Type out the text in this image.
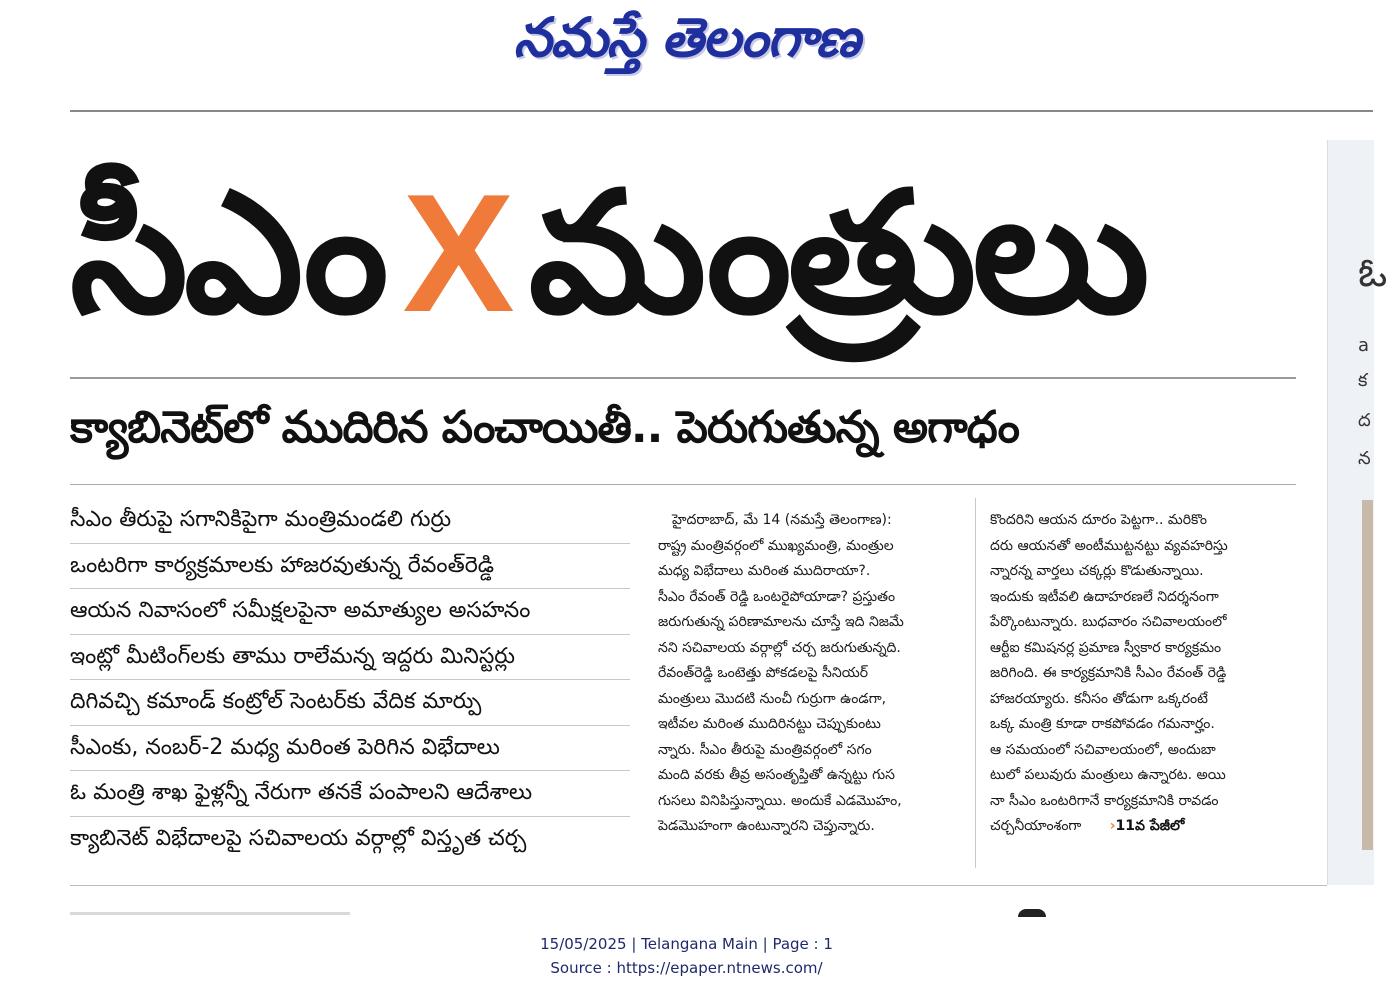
నమస్తే తెలంగాణ
ఓ
a
క
ద
న
సీఎం X మంత్రులు
క్యాబినెట్‌లో ముదిరిన పంచాయితీ.. పెరుగుతున్న అగాధం
సీఎం తీరుపై సగానికిపైగా మంత్రిమండలి గుర్రు
ఒంటరిగా కార్యక్రమాలకు హాజరవుతున్న రేవంత్‌రెడ్డి
ఆయన నివాసంలో సమీక్షలపైనా అమాత్యుల అసహనం
ఇంట్లో మీటింగ్‌లకు తాము రాలేమన్న ఇద్దరు మినిస్టర్లు
దిగివచ్చి కమాండ్ కంట్రోల్ సెంటర్‌కు వేదిక మార్పు
సీఎంకు, నంబర్-2 మధ్య మరింత పెరిగిన విభేదాలు
ఓ మంత్రి శాఖ ఫైళ్లన్నీ నేరుగా తనకే పంపాలని ఆదేశాలు
క్యాబినెట్ విభేదాలపై సచివాలయ వర్గాల్లో విస్తృత చర్చ
హైదరాబాద్, మే 14 (నమస్తే తెలంగాణ):
రాష్ట్ర మంత్రివర్గంలో ముఖ్యమంత్రి, మంత్రుల
మధ్య విభేదాలు మరింత ముదిరాయా?.
సీఎం రేవంత్ రెడ్డి ఒంటరైపోయాడా? ప్రస్తుతం
జరుగుతున్న పరిణామాలను చూస్తే ఇది నిజమే
నని సచివాలయ వర్గాల్లో చర్చ జరుగుతున్నది.
రేవంత్‌రెడ్డి ఒంటెత్తు పోకడలపై సీనియర్
మంత్రులు మొదటి నుంచీ గుర్రుగా ఉండగా,
ఇటీవల మరింత ముదిరినట్టు చెప్పుకుంటు
న్నారు. సీఎం తీరుపై మంత్రివర్గంలో సగం
మంది వరకు తీవ్ర అసంతృప్తితో ఉన్నట్టు గుస
గుసలు వినిపిస్తున్నాయి. అందుకే ఎడమొహం,
పెడమొహంగా ఉంటున్నారని చెప్తున్నారు.
కొందరిని ఆయన దూరం పెట్టగా.. మరికొం
దరు ఆయనతో అంటీముట్టనట్టు వ్యవహరిస్తు
న్నారన్న వార్తలు చక్కర్లు కొడుతున్నాయి.
ఇందుకు ఇటీవలి ఉదాహరణలే నిదర్శనంగా
పేర్కొంటున్నారు. బుధవారం సచివాలయంలో
ఆర్టీఐ కమిషనర్ల ప్రమాణ స్వీకార కార్యక్రమం
జరిగింది. ఈ కార్యక్రమానికి సీఎం రేవంత్ రెడ్డి
హాజరయ్యారు. కనీసం తోడుగా ఒక్కరంటే
ఒక్క మంత్రి కూడా రాకపోవడం గమనార్హం.
ఆ సమయంలో సచివాలయంలో, అందుబా
టులో పలువురు మంత్రులు ఉన్నారట. అయి
నా సీఎం ఒంటరిగానే కార్యక్రమానికి రావడం
చర్చనీయాంశంగా ›11వ పేజీలో
15/05/2025 | Telangana Main | Page : 1
Source : https://epaper.ntnews.com/
